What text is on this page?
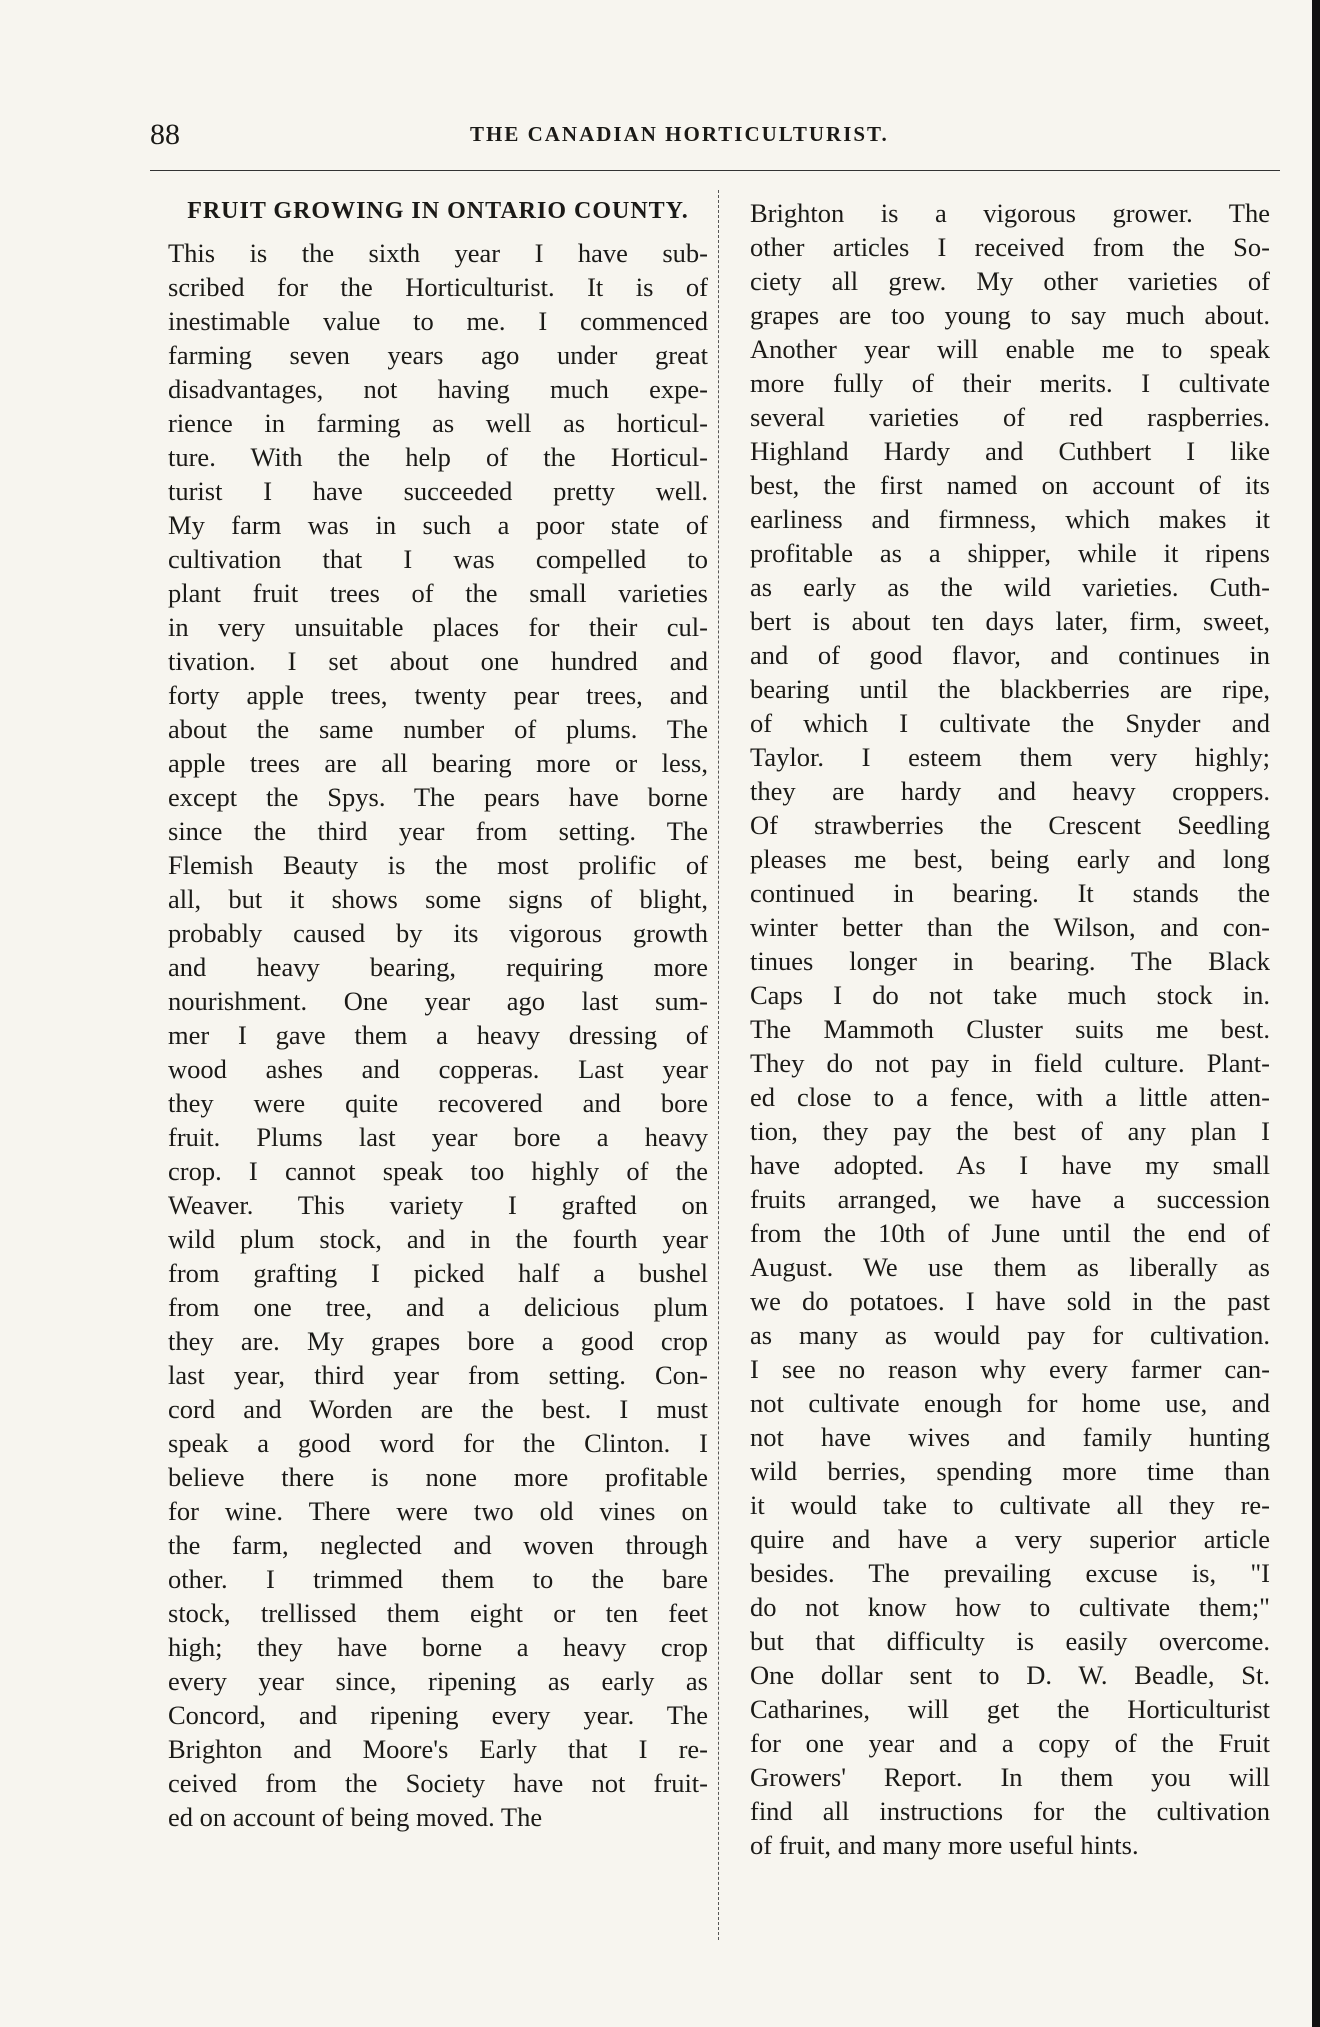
88	THE CANADIAN HORTICULTURIST.
FRUIT GROWING IN ONTARIO COUNTY.
This is the sixth year I have sub-
scribed for the Horticulturist. It is of
inestimable value to me. I commenced
farming seven years ago under great
disadvantages, not having much expe-
rience in farming as well as horticul-
ture. With the help of the Horticul-
turist I have succeeded pretty well.
My farm was in such a poor state of
cultivation that I was compelled to
plant fruit trees of the small varieties
in very unsuitable places for their cul-
tivation. I set about one hundred and
forty apple trees, twenty pear trees, and
about the same number of plums. The
apple trees are all bearing more or less,
except the Spys. The pears have borne
since the third year from setting. The
Flemish Beauty is the most prolific of
all, but it shows some signs of blight,
probably caused by its vigorous growth
and heavy bearing, requiring more
nourishment. One year ago last sum-
mer I gave them a heavy dressing of
wood ashes and copperas. Last year
they were quite recovered and bore
fruit. Plums last year bore a heavy
crop. I cannot speak too highly of the
Weaver. This variety I grafted on
wild plum stock, and in the fourth year
from grafting I picked half a bushel
from one tree, and a delicious plum
they are. My grapes bore a good crop
last year, third year from setting. Con-
cord and Worden are the best. I must
speak a good word for the Clinton. I
believe there is none more profitable
for wine. There were two old vines on
the farm, neglected and woven through
other. I trimmed them to the bare
stock, trellissed them eight or ten feet
high; they have borne a heavy crop
every year since, ripening as early as
Concord, and ripening every year. The
Brighton and Moore's Early that I re-
ceived from the Society have not fruit-
ed on account of being moved. The
Brighton is a vigorous grower. The
other articles I received from the So-
ciety all grew. My other varieties of
grapes are too young to say much about.
Another year will enable me to speak
more fully of their merits. I cultivate
several varieties of red raspberries.
Highland Hardy and Cuthbert I like
best, the first named on account of its
earliness and firmness, which makes it
profitable as a shipper, while it ripens
as early as the wild varieties. Cuth-
bert is about ten days later, firm, sweet,
and of good flavor, and continues in
bearing until the blackberries are ripe,
of which I cultivate the Snyder and
Taylor. I esteem them very highly;
they are hardy and heavy croppers.
Of strawberries the Crescent Seedling
pleases me best, being early and long
continued in bearing. It stands the
winter better than the Wilson, and con-
tinues longer in bearing. The Black
Caps I do not take much stock in.
The Mammoth Cluster suits me best.
They do not pay in field culture. Plant-
ed close to a fence, with a little atten-
tion, they pay the best of any plan I
have adopted. As I have my small
fruits arranged, we have a succession
from the 10th of June until the end of
August. We use them as liberally as
we do potatoes. I have sold in the past
as many as would pay for cultivation.
I see no reason why every farmer can-
not cultivate enough for home use, and
not have wives and family hunting
wild berries, spending more time than
it would take to cultivate all they re-
quire and have a very superior article
besides. The prevailing excuse is, "I
do not know how to cultivate them;"
but that difficulty is easily overcome.
One dollar sent to D. W. Beadle, St.
Catharines, will get the Horticulturist
for one year and a copy of the Fruit
Growers' Report. In them you will
find all instructions for the cultivation
of fruit, and many more useful hints.
